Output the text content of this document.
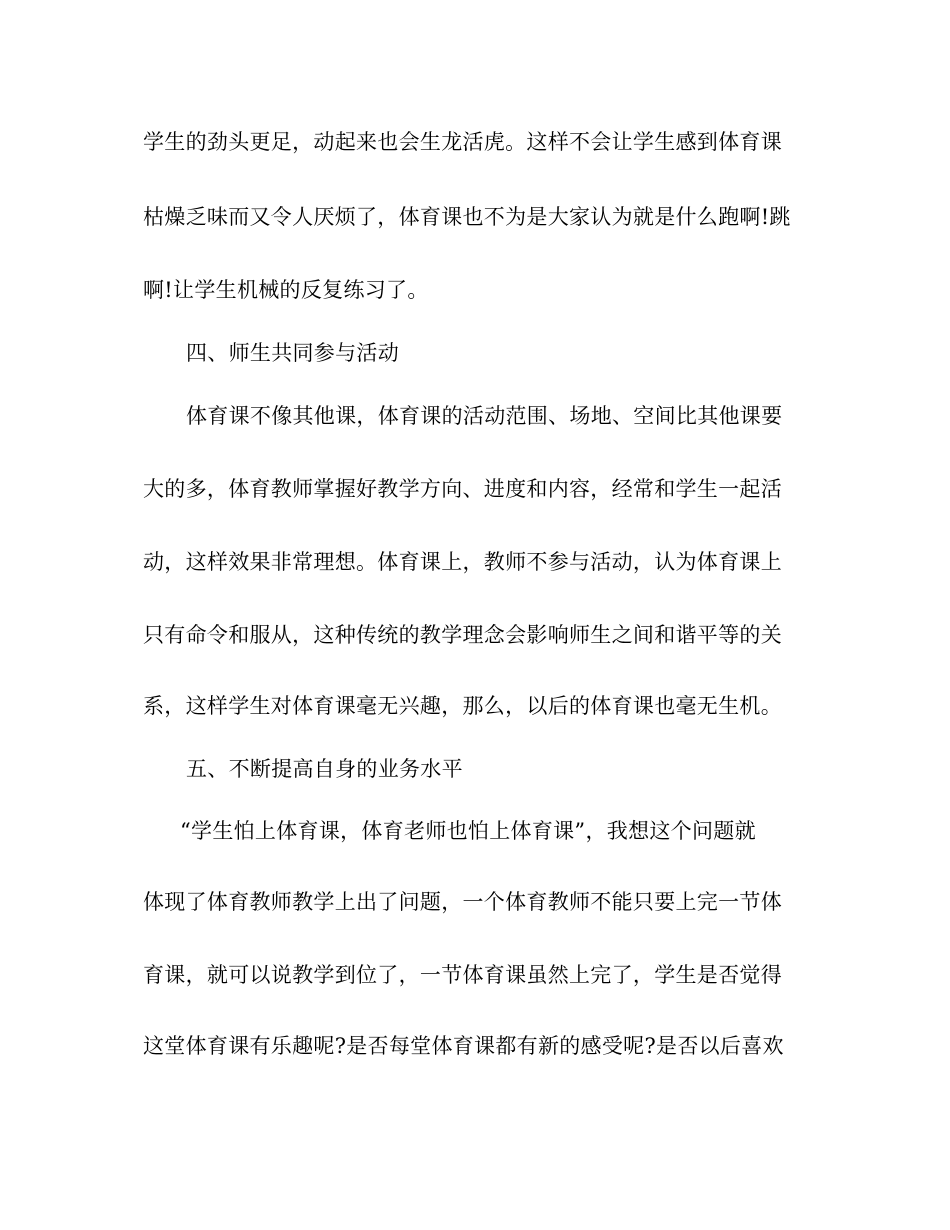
学生的劲头更足，动起来也会生龙活虎。这样不会让学生感到体育课
枯燥乏味而又令人厌烦了，体育课也不为是大家认为就是什么跑啊!跳
啊!让学生机械的反复练习了。
四、师生共同参与活动
体育课不像其他课，体育课的活动范围、场地、空间比其他课要
大的多，体育教师掌握好教学方向、进度和内容，经常和学生一起活
动，这样效果非常理想。体育课上，教师不参与活动，认为体育课上
只有命令和服从，这种传统的教学理念会影响师生之间和谐平等的关
系，这样学生对体育课毫无兴趣，那么，以后的体育课也毫无生机。
五、不断提高自身的业务水平
“学生怕上体育课，体育老师也怕上体育课”，我想这个问题就
体现了体育教师教学上出了问题，一个体育教师不能只要上完一节体
育课，就可以说教学到位了，一节体育课虽然上完了，学生是否觉得
这堂体育课有乐趣呢?是否每堂体育课都有新的感受呢?是否以后喜欢
